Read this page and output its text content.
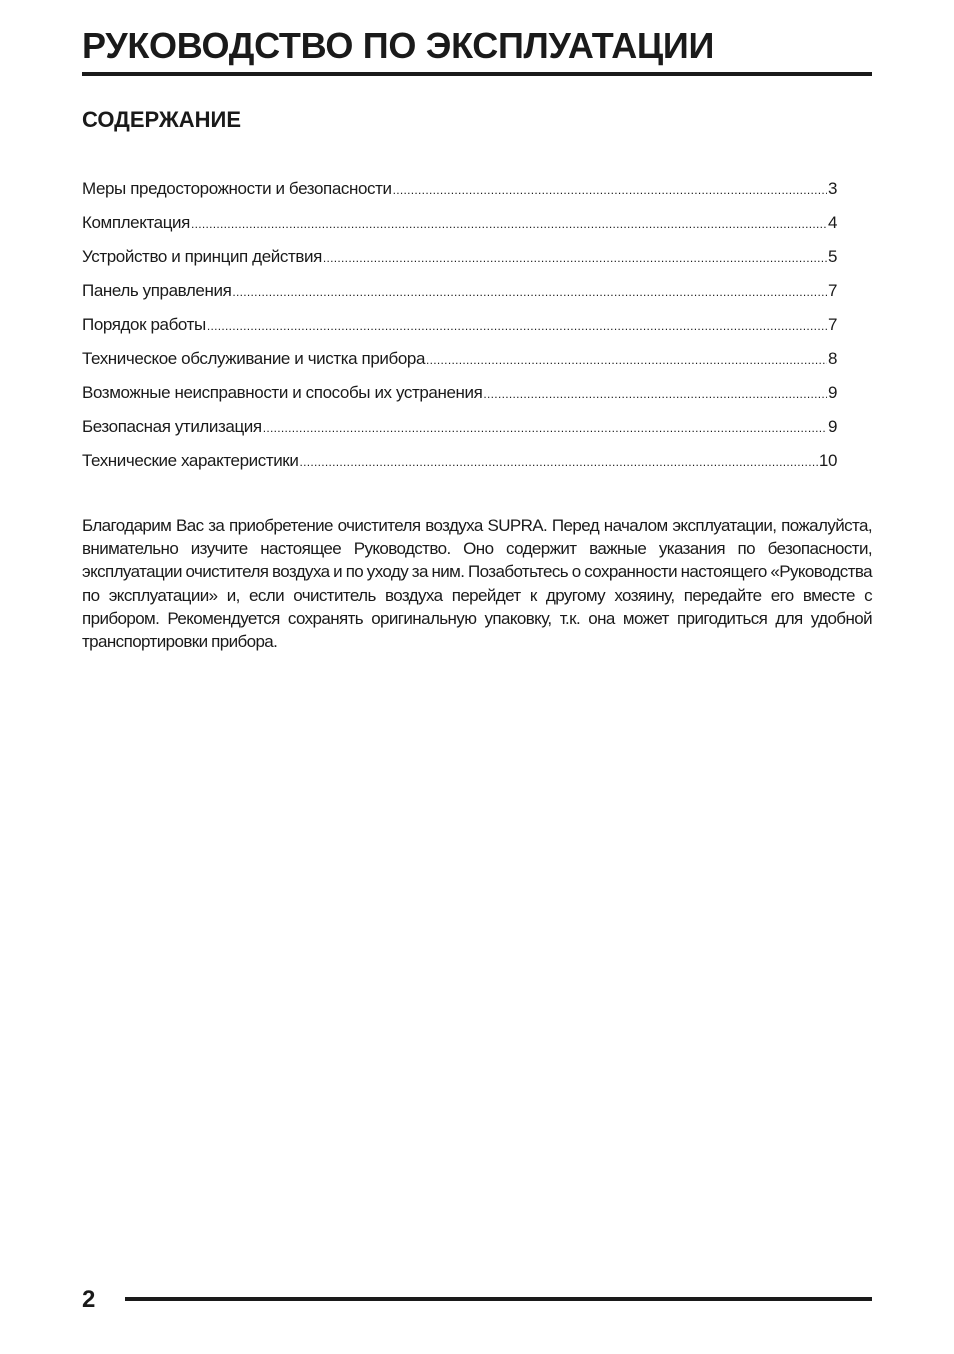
РУКОВОДСТВО ПО ЭКСПЛУАТАЦИИ
СОДЕРЖАНИЕ
Меры предосторожности и безопасности .....	3
Комплектация .....	4
Устройство и принцип действия .....	5
Панель управления .....	7
Порядок работы .....	7
Техническое обслуживание и чистка прибора .....	8
Возможные неисправности и способы их устранения .....	9
Безопасная утилизация .....	9
Технические характеристики .....	10

Благодарим Вас за приобретение очистителя воздуха SUPRA. Перед началом эксплуатации, пожалуйста, внимательно изучите настоящее Руководство. Оно содержит важные указания по безопасности, эксплуатации очистителя воздуха и по уходу за ним. Позаботьтесь о сохранности настоящего «Руководства по эксплуатации» и, если очиститель воздуха перейдет к другому хозяину, передайте его вместе с прибором. Рекомендуется сохранять оригинальную упаковку, т.к. она может пригодиться для удобной транспортировки прибора.

2
